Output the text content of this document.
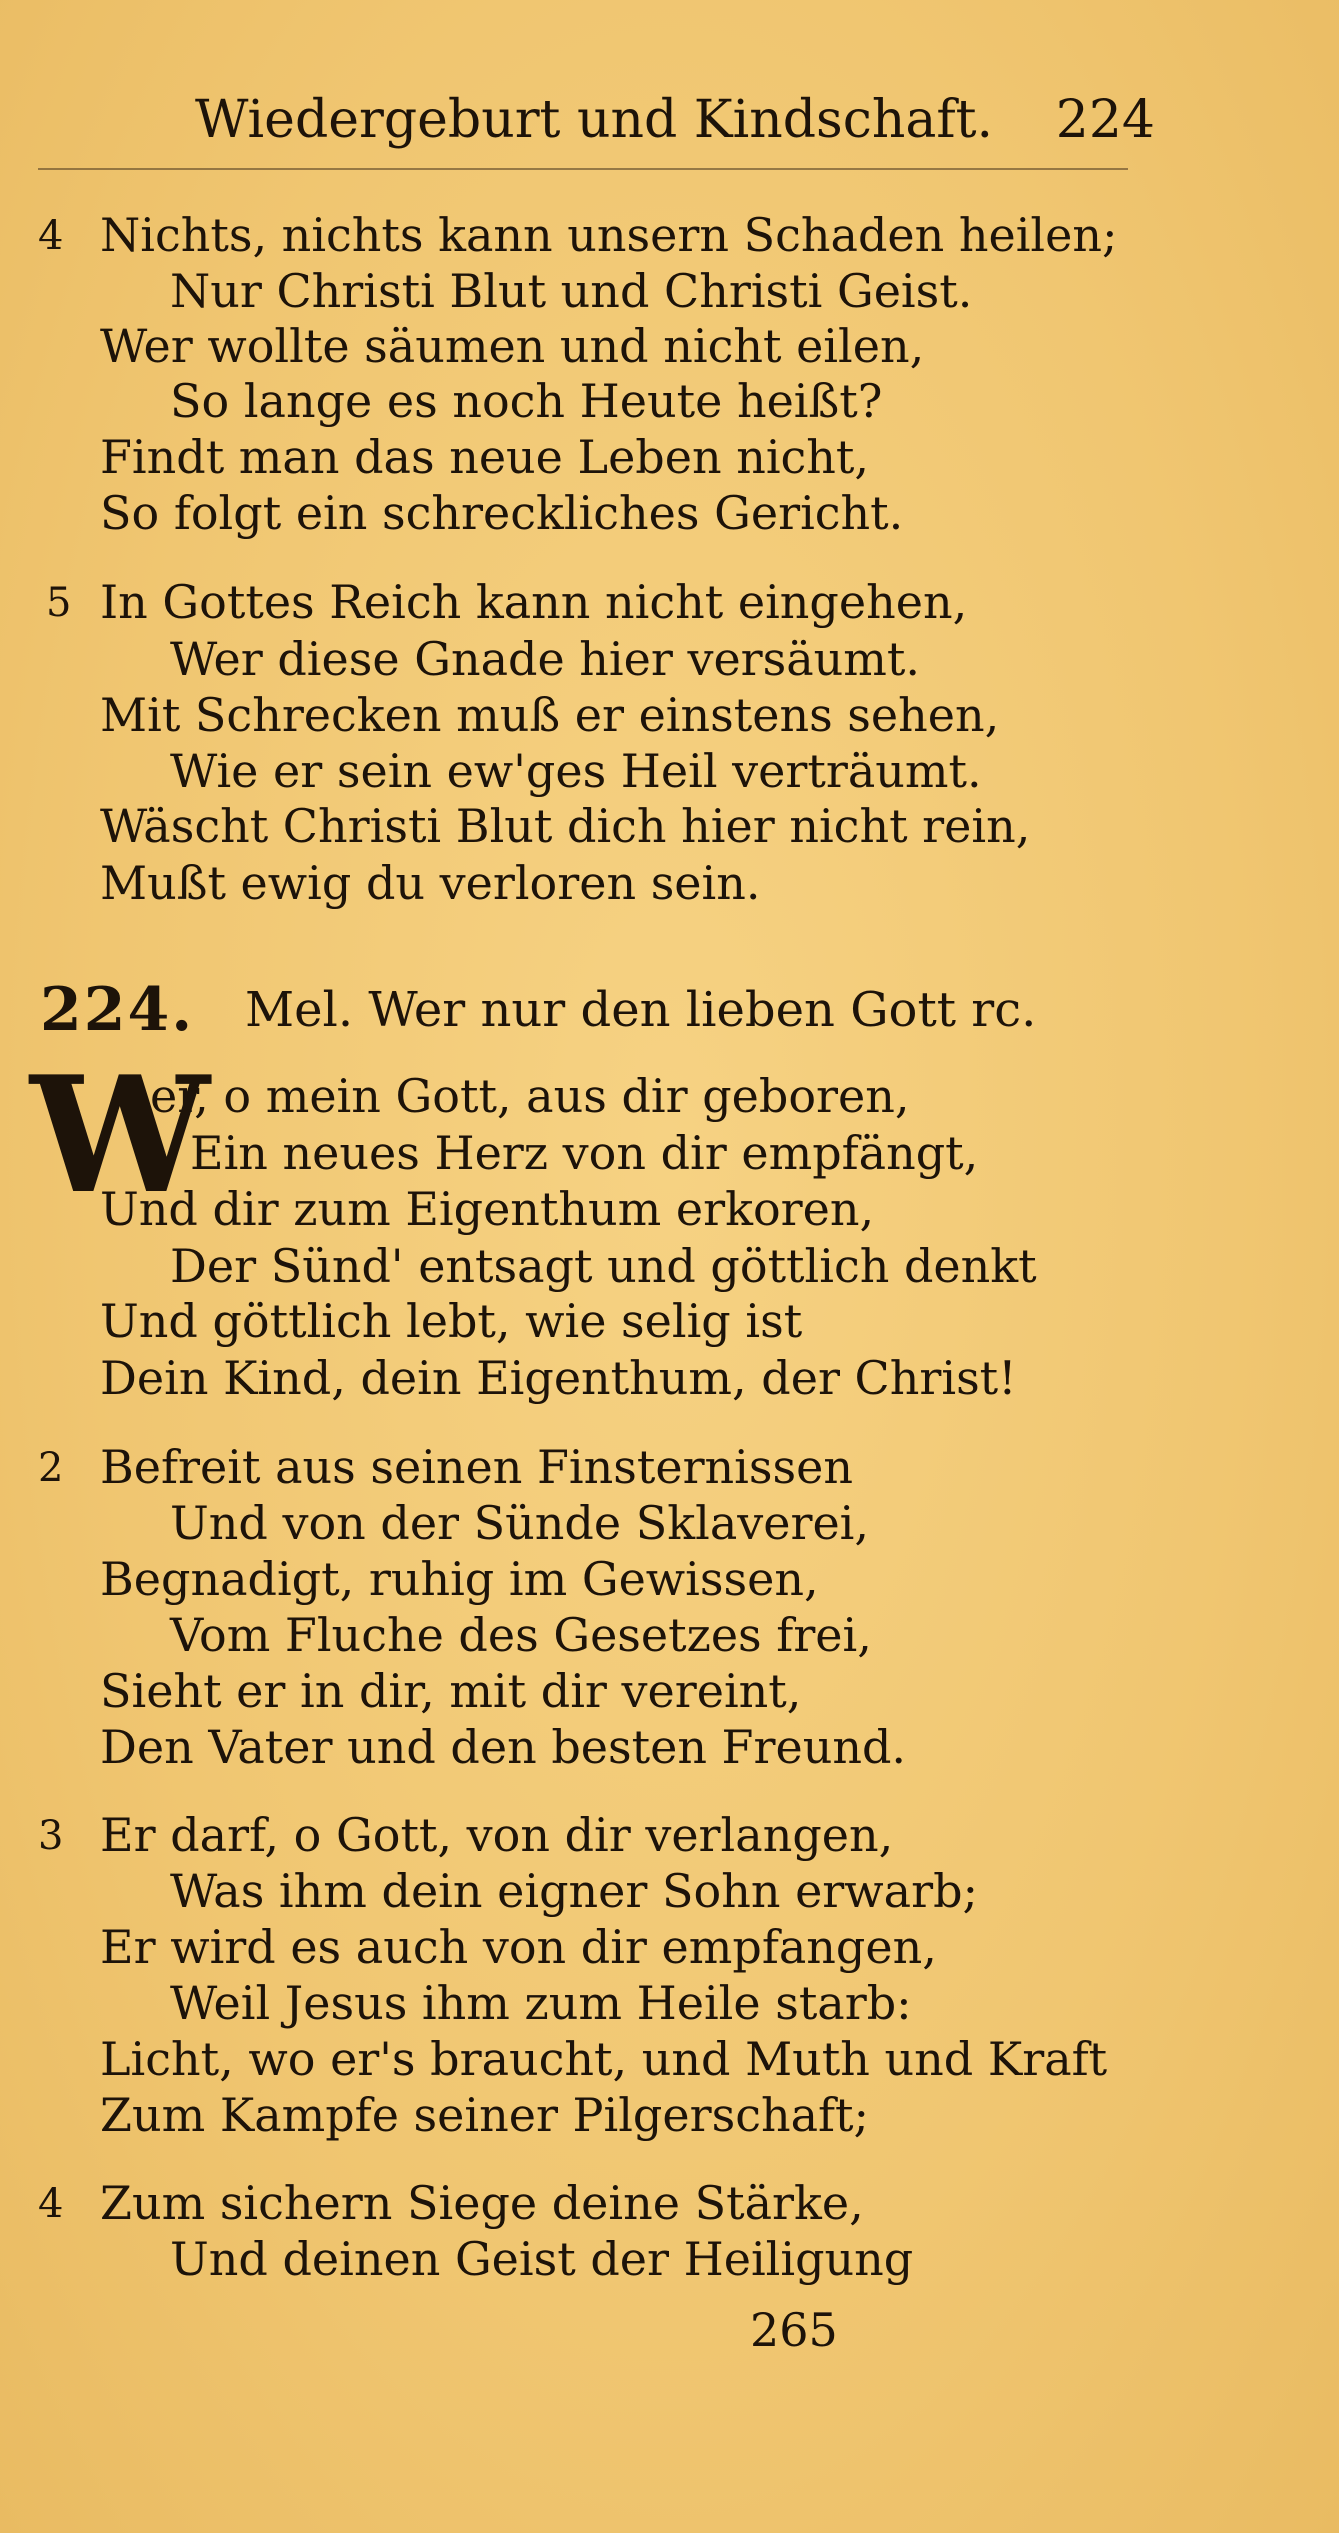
Wiedergeburt und Kindschaft. 224
4 Nichts, nichts kann unsern Schaden heilen;
Nur Christi Blut und Christi Geist.
Wer wollte säumen und nicht eilen,
So lange es noch Heute heißt?
Findt man das neue Leben nicht,
So folgt ein schreckliches Gericht.
5 In Gottes Reich kann nicht eingehen,
Wer diese Gnade hier versäumt.
Mit Schrecken muß er einstens sehen,
Wie er sein ew'ges Heil verträumt.
Wäscht Christi Blut dich hier nicht rein,
Mußt ewig du verloren sein.
224. Mel. Wer nur den lieben Gott rc.
W
er, o mein Gott, aus dir geboren,
Ein neues Herz von dir empfängt,
Und dir zum Eigenthum erkoren,
Der Sünd' entsagt und göttlich denkt
Und göttlich lebt, wie selig ist
Dein Kind, dein Eigenthum, der Christ!
2 Befreit aus seinen Finsternissen
Und von der Sünde Sklaverei,
Begnadigt, ruhig im Gewissen,
Vom Fluche des Gesetzes frei,
Sieht er in dir, mit dir vereint,
Den Vater und den besten Freund.
3 Er darf, o Gott, von dir verlangen,
Was ihm dein eigner Sohn erwarb;
Er wird es auch von dir empfangen,
Weil Jesus ihm zum Heile starb:
Licht, wo er's braucht, und Muth und Kraft
Zum Kampfe seiner Pilgerschaft;
4 Zum sichern Siege deine Stärke,
Und deinen Geist der Heiligung
265
